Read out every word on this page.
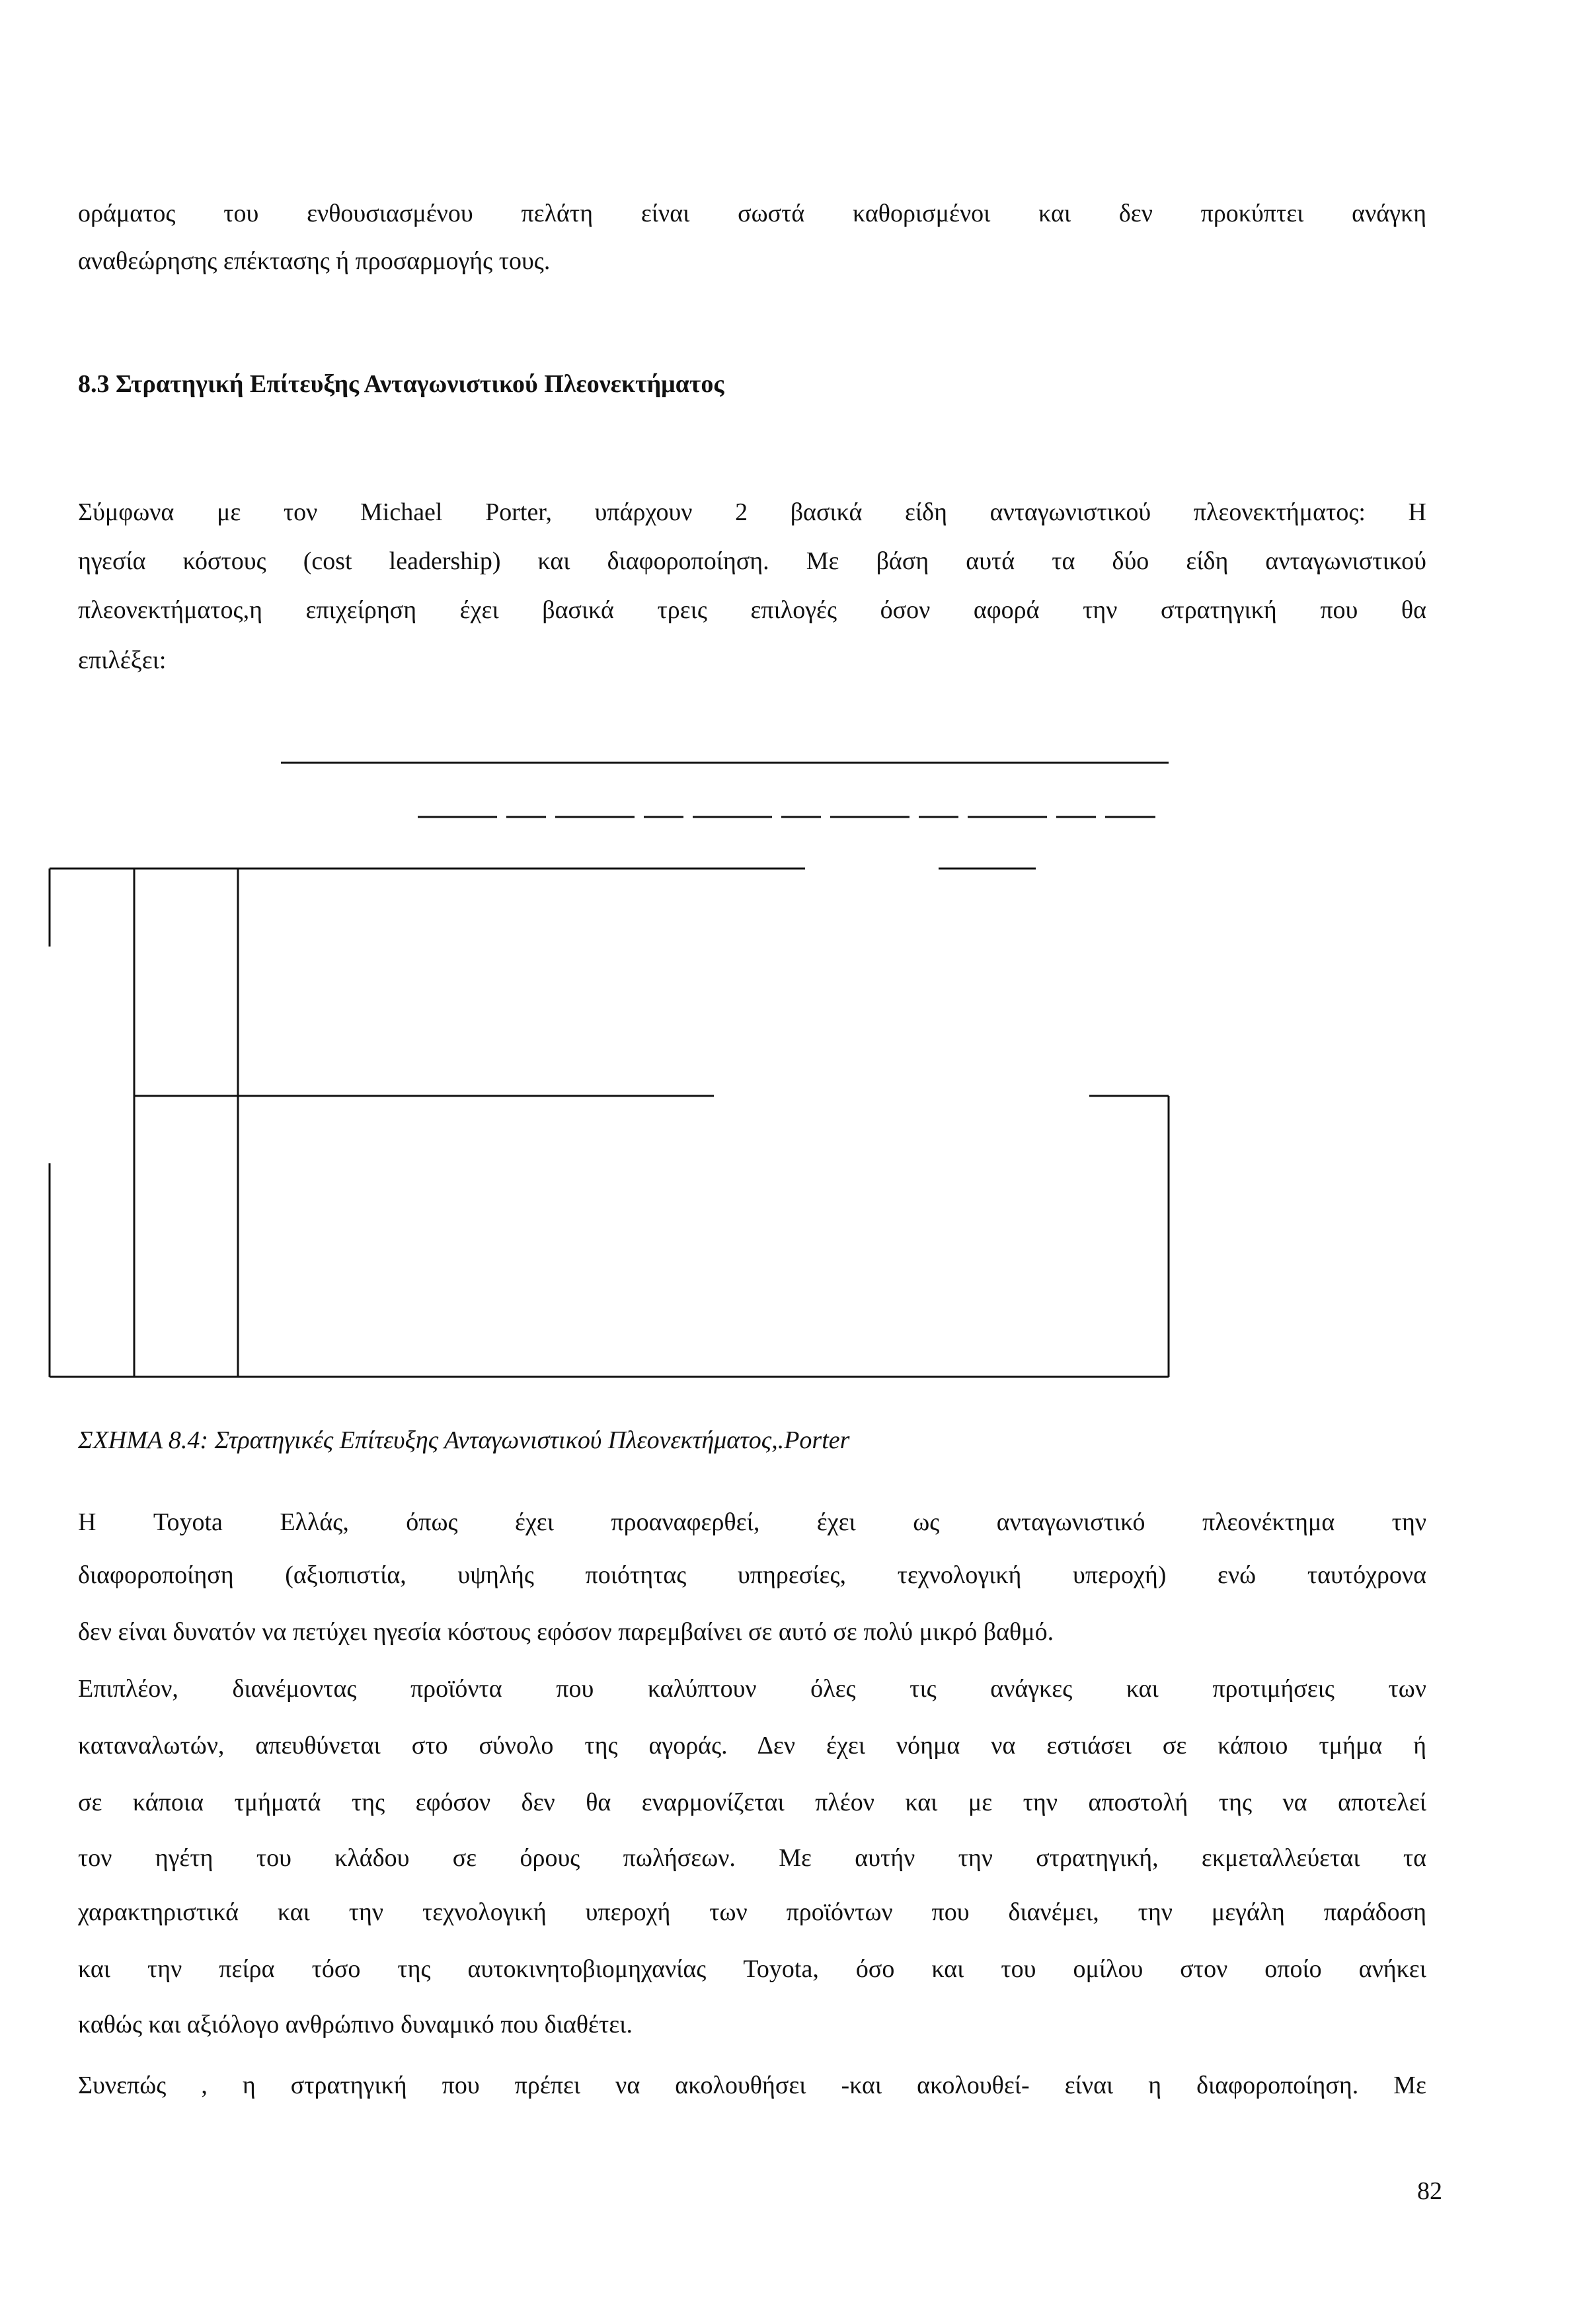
οράματος του ενθουσιασμένου πελάτη είναι σωστά καθορισμένοι και δεν προκύπτει ανάγκη
αναθεώρησης επέκτασης ή προσαρμογής τους.
8.3 Στρατηγική Επίτευξης Ανταγωνιστικού Πλεονεκτήματος
Σύμφωνα με τον Michael Porter, υπάρχουν 2 βασικά είδη ανταγωνιστικού πλεονεκτήματος: Η
ηγεσία κόστους (cost leadership) και διαφοροποίηση. Με βάση αυτά τα δύο είδη ανταγωνιστικού
πλεονεκτήματος,η επιχείρηση έχει βασικά τρεις επιλογές όσον αφορά την στρατηγική που θα
επιλέξει:
ΣΧΗΜΑ 8.4: Στρατηγικές Επίτευξης Ανταγωνιστικού Πλεονεκτήματος,.Porter
Η Toyota Ελλάς, όπως έχει προαναφερθεί, έχει ως ανταγωνιστικό πλεονέκτημα την
διαφοροποίηση (αξιοπιστία, υψηλής ποιότητας υπηρεσίες, τεχνολογική υπεροχή) ενώ ταυτόχρονα
δεν είναι δυνατόν να πετύχει ηγεσία κόστους εφόσον παρεμβαίνει σε αυτό σε πολύ μικρό βαθμό.
Επιπλέον, διανέμοντας προϊόντα που καλύπτουν όλες τις ανάγκες και προτιμήσεις των
καταναλωτών, απευθύνεται στο σύνολο της αγοράς. Δεν έχει νόημα να εστιάσει σε κάποιο τμήμα ή
σε κάποια τμήματά της εφόσον δεν θα εναρμονίζεται πλέον και με την αποστολή της να αποτελεί
τον ηγέτη του κλάδου σε όρους πωλήσεων. Με αυτήν την στρατηγική, εκμεταλλεύεται τα
χαρακτηριστικά και την τεχνολογική υπεροχή των προϊόντων που διανέμει, την μεγάλη παράδοση
και την πείρα τόσο της αυτοκινητοβιομηχανίας Toyota, όσο και του ομίλου στον οποίο ανήκει
καθώς και αξιόλογο ανθρώπινο δυναμικό που διαθέτει.
Συνεπώς , η στρατηγική που πρέπει να ακολουθήσει -και ακολουθεί- είναι η διαφοροποίηση. Με
82
